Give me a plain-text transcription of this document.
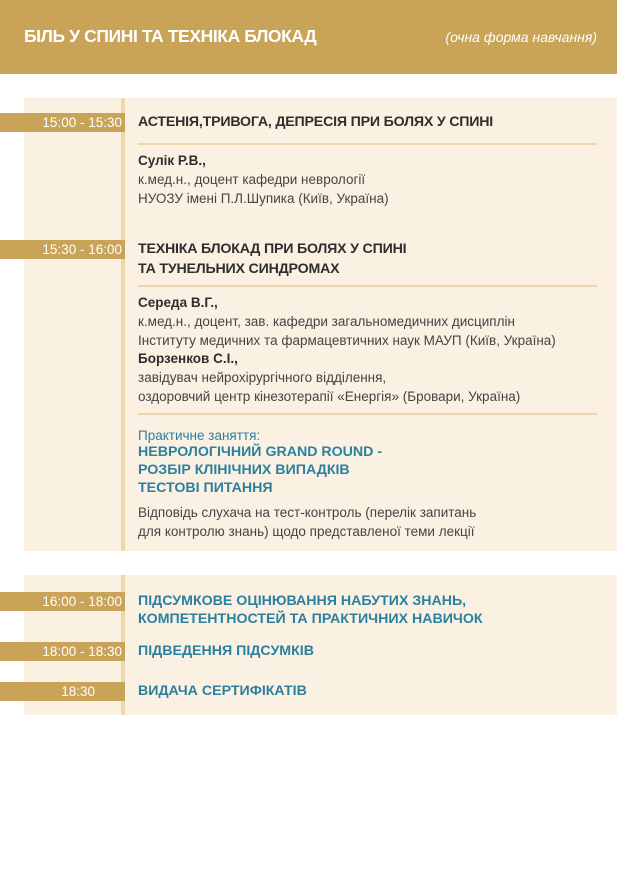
БІЛЬ У СПИНІ ТА ТЕХНІКА БЛОКАД	(очна форма навчання)
15:00 - 15:30 АСТЕНІЯ,ТРИВОГА, ДЕПРЕСІЯ ПРИ БОЛЯХ У СПИНІ
Сулік Р.В.,
к.мед.н., доцент кафедри неврології
НУОЗУ імені П.Л.Шупика (Київ, Україна)
15:30 - 16:00 ТЕХНІКА БЛОКАД ПРИ БОЛЯХ У СПИНІ
ТА ТУНЕЛЬНИХ СИНДРОМАХ
Середа В.Г.,
к.мед.н., доцент, зав. кафедри загальномедичних дисциплін
Інституту медичних та фармацевтичних наук МАУП (Київ, Україна)
Борзенков С.І.,
завідувач нейрохірургічного відділення,
оздоровчий центр кінезотерапії «Енергія» (Бровари, Україна)
Практичне заняття:
НЕВРОЛОГІЧНИЙ GRAND ROUND -
РОЗБІР КЛІНІЧНИХ ВИПАДКІВ
ТЕСТОВІ ПИТАННЯ
Відповідь слухача на тест-контроль (перелік запитань
для контролю знань) щодо представленої теми лекції
16:00 - 18:00 ПІДСУМКОВЕ ОЦІНЮВАННЯ НАБУТИХ ЗНАНЬ,
КОМПЕТЕНТНОСТЕЙ ТА ПРАКТИЧНИХ НАВИЧОК
18:00 - 18:30 ПІДВЕДЕННЯ ПІДСУМКІВ
18:30	ВИДАЧА СЕРТИФІКАТІВ
